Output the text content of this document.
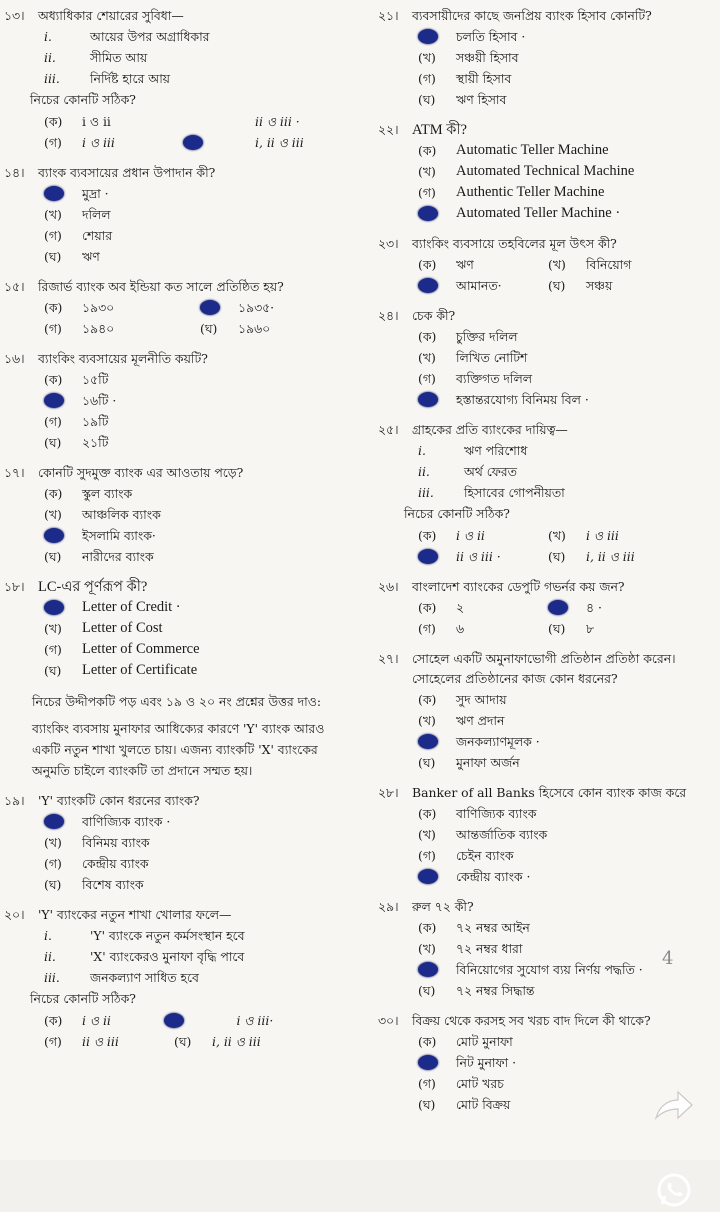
১৩।	অধ্যাধিকার শেয়ারের সুবিধা—
i.	আয়ের উপর অগ্রাধিকার
ii.	সীমিত আয়
iii.	নির্দিষ্ট হারে আয়
নিচের কোনটি সঠিক?
(ক)	i ও ii	ii ও iii ·
(গ)	i ও iii	i, ii ও iii
১৪।	ব্যাংক ব্যবসায়ের প্রধান উপাদান কী?
মুদ্রা ·
(খ)	দলিল
(গ)	শেয়ার
(ঘ)	ঋণ
১৫।	রিজার্ভ ব্যাংক অব ইন্ডিয়া কত সালে প্রতিষ্ঠিত হয়?
(ক)	১৯৩০	১৯৩৫·
(গ)	১৯৪০	(ঘ)	১৯৬০
১৬।	ব্যাংকিং ব্যবসায়ের মূলনীতি কয়টি?
(ক)	১৫টি
১৬টি ·
(গ)	১৯টি
(ঘ)	২১টি
১৭।	কোনটি সুদমুক্ত ব্যাংক এর আওতায় পড়ে?
(ক)	স্কুল ব্যাংক
(খ)	আঞ্চলিক ব্যাংক
ইসলামি ব্যাংক·
(ঘ)	নারীদের ব্যাংক
১৮। LC-এর পূর্ণরূপ কী?
Letter of Credit ·
(খ)	Letter of Cost
(গ)	Letter of Commerce
(ঘ)	Letter of Certificate
নিচের উদ্দীপকটি পড় এবং ১৯ ও ২০ নং প্রশ্নের উত্তর দাও:
ব্যাংকিং ব্যবসায় মুনাফার আধিক্যের কারণে 'Y' ব্যাংক আরও একটি নতুন শাখা খুলতে চায়। এজন্য ব্যাংকটি 'X' ব্যাংকের অনুমতি চাইলে ব্যাংকটি তা প্রদানে সম্মত হয়।
১৯।	'Y' ব্যাংকটি কোন ধরনের ব্যাংক?
বাণিজ্যিক ব্যাংক ·
(খ)	বিনিময় ব্যাংক
(গ)	কেন্দ্রীয় ব্যাংক
(ঘ)	বিশেষ ব্যাংক
২০।	'Y' ব্যাংকের নতুন শাখা খোলার ফলে—
i.	'Y' ব্যাংকে নতুন কর্মসংস্থান হবে
ii.	'X' ব্যাংকেরও মুনাফা বৃদ্ধি পাবে
iii.	জনকল্যাণ সাধিত হবে
নিচের কোনটি সঠিক?
(ক)	i ও ii	i ও iii·
(গ)	ii ও iii	(ঘ)	i, ii ও iii
২১।	ব্যবসায়ীদের কাছে জনপ্রিয় ব্যাংক হিসাব কোনটি?
চলতি হিসাব ·
(খ)	সঞ্চয়ী হিসাব
(গ)	স্থায়ী হিসাব
(ঘ)	ঋণ হিসাব
২২। ATM কী?
(ক)	Automatic Teller Machine
(খ)	Automated Technical Machine
(গ)	Authentic Teller Machine
Automated Teller Machine ·
২৩।	ব্যাংকিং ব্যবসায়ে তহবিলের মূল উৎস কী?
(ক)	ঋণ	(খ)	বিনিয়োগ
আমানত·	(ঘ)	সঞ্চয়
২৪।	চেক কী?
(ক)	চুক্তির দলিল
(খ)	লিখিত নোটিশ
(গ)	ব্যক্তিগত দলিল
হস্তান্তরযোগ্য বিনিময় বিল ·
২৫।	গ্রাহকের প্রতি ব্যাংকের দায়িত্ব—
i.	ঋণ পরিশোধ
ii.	অর্থ ফেরত
iii.	হিসাবের গোপনীয়তা
নিচের কোনটি সঠিক?
(ক)	i ও ii	(খ)	i ও iii
ii ও iii ·	(ঘ)	i, ii ও iii
২৬।	বাংলাদেশ ব্যাংকের ডেপুটি গভর্নর কয় জন?
(ক)	২	৪ ·
(গ)	৬	(ঘ)	৮
২৭।	সোহেল একটি অমুনাফাভোগী প্রতিষ্ঠান প্রতিষ্ঠা করেন। সোহেলের প্রতিষ্ঠানের কাজ কোন ধরনের?
(ক)	সুদ আদায়
(খ)	ঋণ প্রদান
জনকল্যাণমূলক ·
(ঘ)	মুনাফা অর্জন
২৮।	Banker of all Banks হিসেবে কোন ব্যাংক কাজ করে
(ক)	বাণিজ্যিক ব্যাংক
(খ)	আন্তর্জাতিক ব্যাংক
(গ)	চেইন ব্যাংক
কেন্দ্রীয় ব্যাংক ·
২৯।	রুল ৭২ কী?
(ক)	৭২ নম্বর আইন
(খ)	৭২ নম্বর ধারা
বিনিয়োগের সুযোগ ব্যয় নির্ণয় পদ্ধতি ·
(ঘ)	৭২ নম্বর সিদ্ধান্ত
৩০।	বিক্রয় থেকে করসহ সব খরচ বাদ দিলে কী থাকে?
(ক)	মোট মুনাফা
নিট মুনাফা ·
(গ)	মোট খরচ
(ঘ)	মোট বিক্রয়
4
